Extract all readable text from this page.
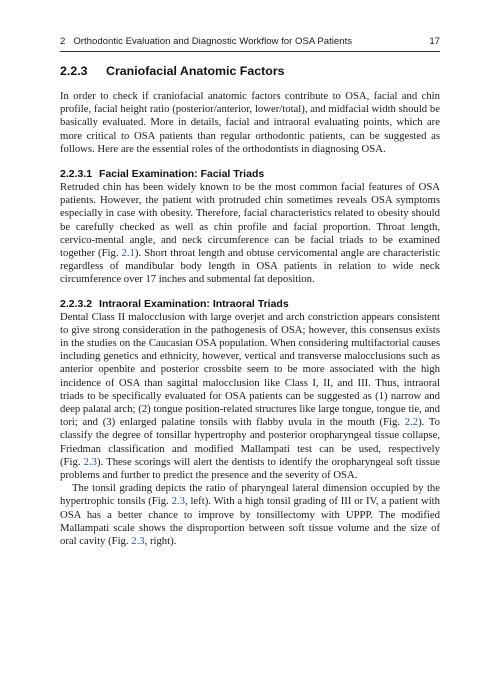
2 Orthodontic Evaluation and Diagnostic Workflow for OSA Patients	17
2.2.3 Craniofacial Anatomic Factors

In order to check if craniofacial anatomic factors contribute to OSA, facial and chin profile, facial height ratio (posterior/anterior, lower/total), and midfacial width should be basically evaluated. More in details, facial and intraoral evaluating points, which are more critical to OSA patients than regular orthodontic patients, can be suggested as follows. Here are the essential roles of the orthodontists in diagnosing OSA.

2.2.3.1 Facial Examination: Facial Triads

Retruded chin has been widely known to be the most common facial features of OSA patients. However, the patient with protruded chin sometimes reveals OSA symptoms especially in case with obesity. Therefore, facial characteristics related to obesity should be carefully checked as well as chin profile and facial proportion. Throat length, cervico-mental angle, and neck circumference can be facial triads to be examined together (Fig. 2.1). Short throat length and obtuse cervicomental angle are characteristic regardless of mandibular body length in OSA patients in relation to wide neck circumference over 17 inches and submental fat deposition.

2.2.3.2 Intraoral Examination: Intraoral Triads

Dental Class II malocclusion with large overjet and arch constriction appears consistent to give strong consideration in the pathogenesis of OSA; however, this consensus exists in the studies on the Caucasian OSA population. When considering multifactorial causes including genetics and ethnicity, however, vertical and transverse malocclusions such as anterior openbite and posterior crossbite seem to be more associated with the high incidence of OSA than sagittal malocclusion like Class I, II, and III. Thus, intraoral triads to be specifically evaluated for OSA patients can be suggested as (1) narrow and deep palatal arch; (2) tongue position-related structures like large tongue, tongue tie, and tori; and (3) enlarged palatine tonsils with flabby uvula in the mouth (Fig. 2.2). To classify the degree of tonsillar hypertrophy and posterior oropharyngeal tissue collapse, Friedman classification and modified Mallampati test can be used, respectively (Fig. 2.3). These scorings will alert the dentists to identify the oropharyngeal soft tissue problems and further to predict the presence and the severity of OSA.

The tonsil grading depicts the ratio of pharyngeal lateral dimension occupied by the hypertrophic tonsils (Fig. 2.3, left). With a high tonsil grading of III or IV, a patient with OSA has a better chance to improve by tonsillectomy with UPPP. The modified Mallampati scale shows the disproportion between soft tissue volume and the size of oral cavity (Fig. 2.3, right).
